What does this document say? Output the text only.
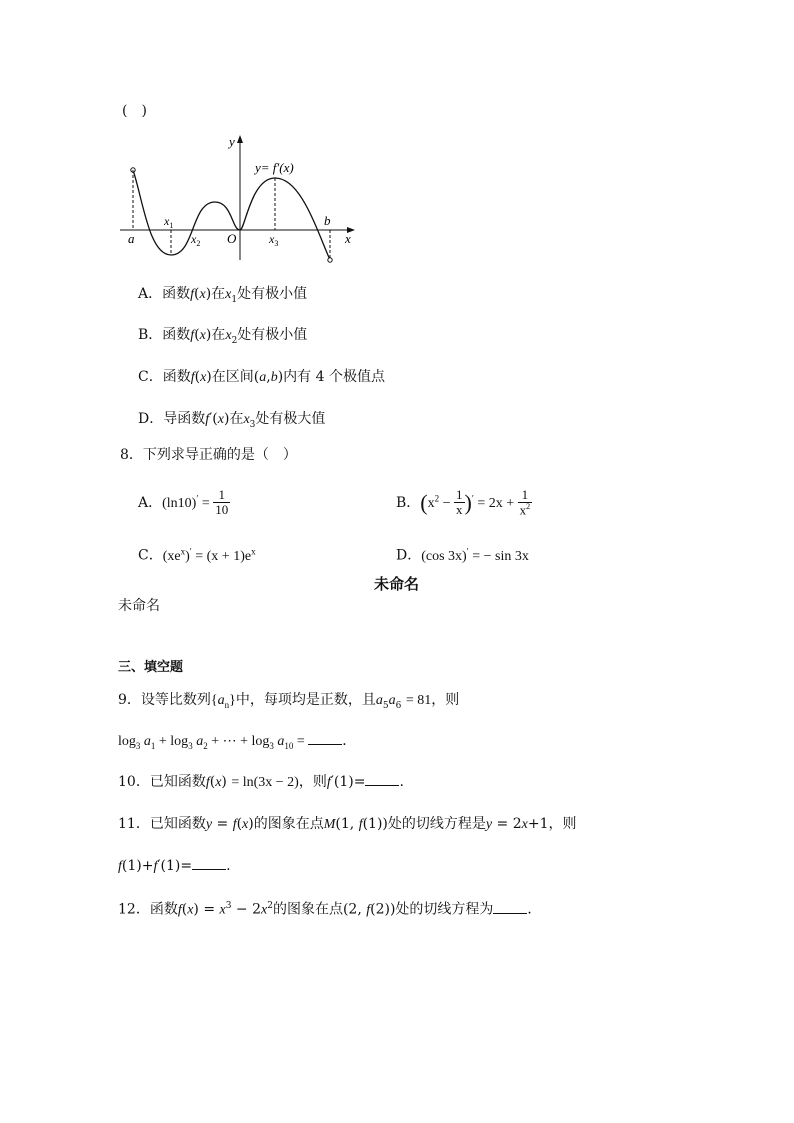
(　)
y
x
y= f′(x)
a
b
O
$x_1$
$x_2$	$x_3$
A．函数f(x)在$x_1$处有极小值
B．函数f(x)在$x_2$处有极小值
C．函数f(x)在区间(a,b)内有 4 个极值点
D．导函数f′(x)在$x_3$处有极大值
8．下列求导正确的是（　）
A．$(\ln 10)' = \frac{1}{10}$	B．$(x^2 - \frac{1}{x} )' = 2x + \frac{1}{x^2}$
C．$(xe^x)' = (x + 1)e^x$	D．(cos 3x)′ = − sin 3x
未命名
未命名
三、填空题
9．设等比数列$\{a_n\}$中，每项均是正数，且$a_5a_6 = 81$，则
$\log_3 a_1 + \log_3 a_2$ + ⋯ + $\log_3 a_{10}$ = ．
10．已知函数f(x) = ln(3x − 2)，则f′(1)= .
11．已知函数y = f(x)的图象在点M(1, f(1))处的切线方程是y = 2x+1，则
f(1)+f′(1)= .
12．函数$f(x) = x^3 - 2x^2$的图象在点(2, f(2))处的切线方程为 ．
